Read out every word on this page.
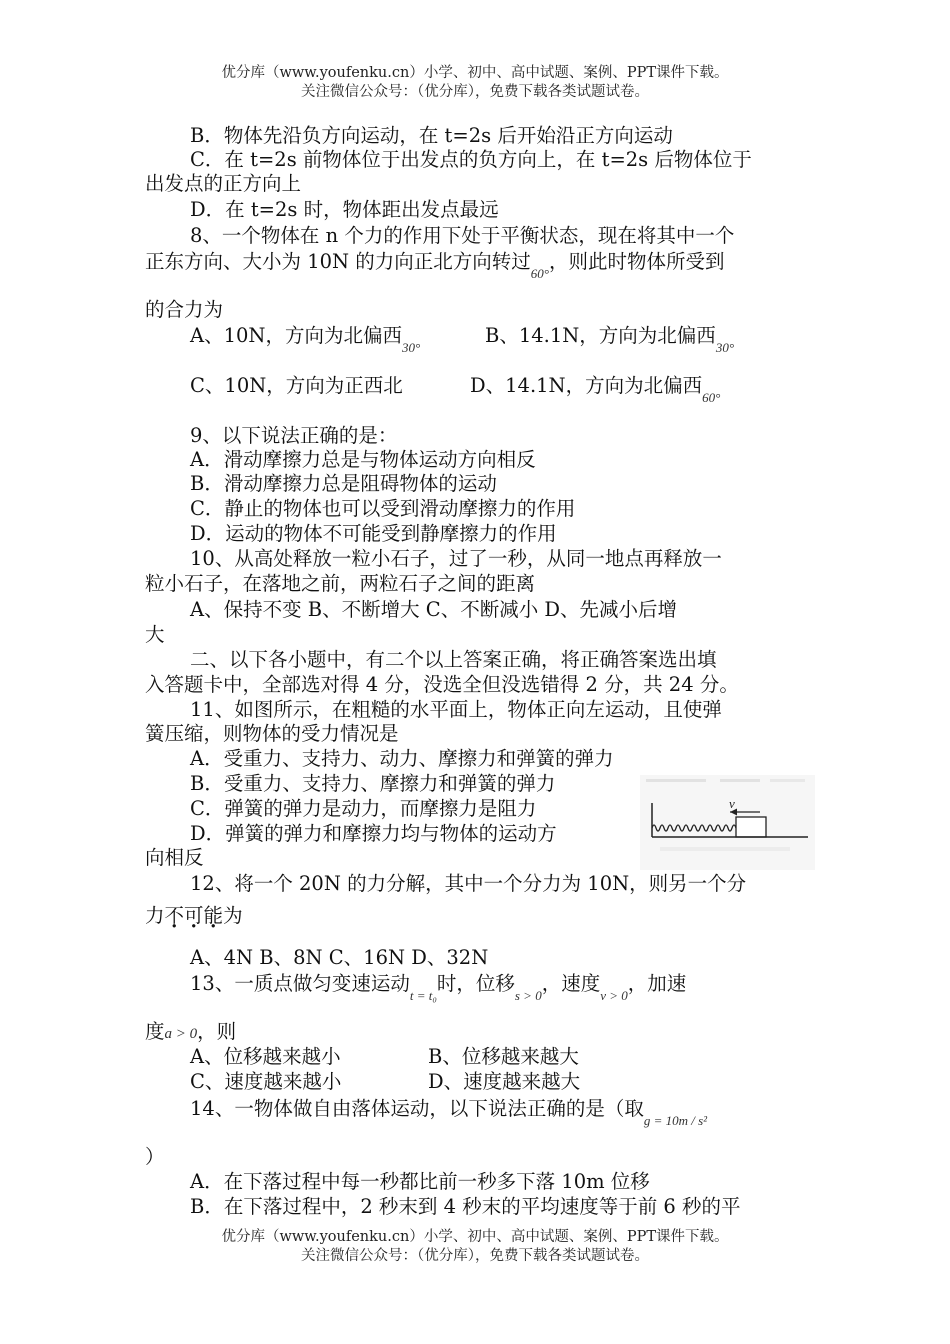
优分库（www.youfenku.cn）小学、初中、高中试题、案例、PPT课件下载。
关注微信公众号：（优分库），免费下载各类试题试卷。
B．物体先沿负方向运动，在 t=2s 后开始沿正方向运动
C．在 t=2s 前物体位于出发点的负方向上，在 t=2s 后物体位于
出发点的正方向上
D．在 t=2s 时，物体距出发点最远
8、一个物体在 n 个力的作用下处于平衡状态，现在将其中一个
正东方向、大小为 10N 的力向正北方向转过$_{60^\circ}$，则此时物体所受到
的合力为
A、10N，方向为北偏西$_{30^\circ}$
B、14.1N，方向为北偏西$_{30^\circ}$
C、10N，方向为正西北	D、14.1N，方向为北偏西$_{60^\circ}$
9、以下说法正确的是：
A．滑动摩擦力总是与物体运动方向相反
B．滑动摩擦力总是阻碍物体的运动
C．静止的物体也可以受到滑动摩擦力的作用
D．运动的物体不可能受到静摩擦力的作用
10、从高处释放一粒小石子，过了一秒，从同一地点再释放一
粒小石子，在落地之前，两粒石子之间的距离
A、保持不变 B、不断增大 C、不断减小 D、先减小后增
大
二、以下各小题中，有二个以上答案正确，将正确答案选出填
入答题卡中，全部选对得 4 分，没选全但没选错得 2 分，共 24 分。
11、如图所示，在粗糙的水平面上，物体正向左运动，且使弹
簧压缩，则物体的受力情况是
A．受重力、支持力、动力、摩擦力和弹簧的弹力
B．受重力、支持力、摩擦力和弹簧的弹力
C．弹簧的弹力是动力，而摩擦力是阻力
D．弹簧的弹力和摩擦力均与物体的运动方
向相反
v
12、将一个 20N 的力分解，其中一个分力为 10N，则另一个分
力不可能为
A、4N B、8N C、16N D、32N
13、一质点做匀变速运动$_{t = t_0}$时，位移$_{s > 0}$，速度$_{v > 0}$，加速
度a > 0，则
A、位移越来越小	B、位移越来越大
C、速度越来越小	D、速度越来越大
14、一物体做自由落体运动，以下说法正确的是（取$_{g = 10m / s^2}$
）
A．在下落过程中每一秒都比前一秒多下落 10m 位移
B．在下落过程中，2 秒末到 4 秒末的平均速度等于前 6 秒的平
优分库（www.youfenku.cn）小学、初中、高中试题、案例、PPT课件下载。
关注微信公众号：（优分库），免费下载各类试题试卷。
